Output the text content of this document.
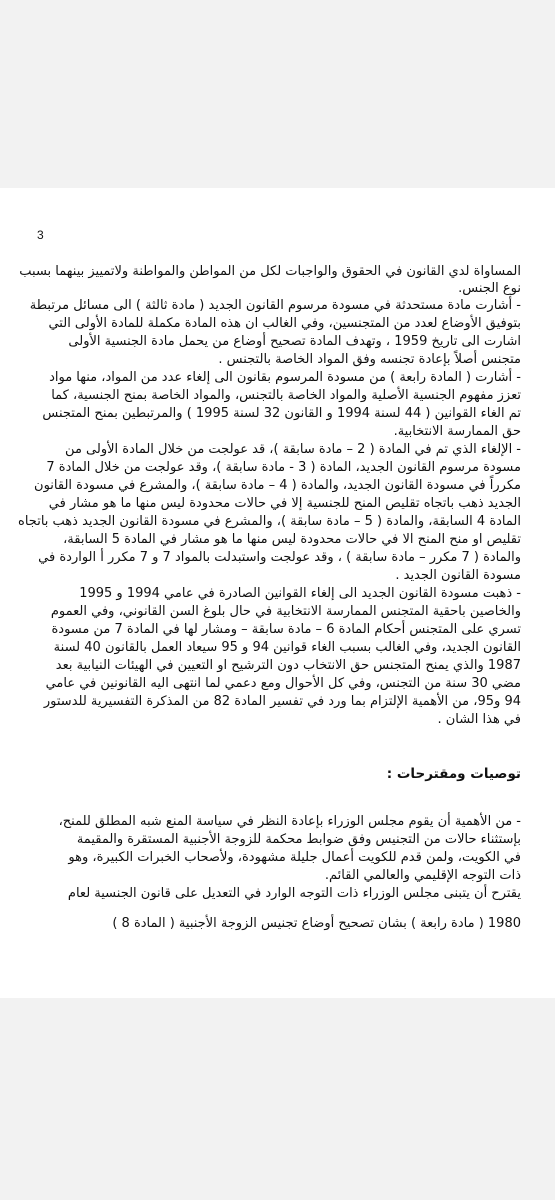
3
المساواة لدي القانون في الحقوق والواجبات لكل من المواطن والمواطنة ولاتمييز بينهما بسبب
نوع الجنس.
- أشارت مادة مستحدثة في مسودة مرسوم القانون الجديد ( مادة ثالثة ) الى مسائل مرتبطة
بتوفيق الأوضاع لعدد من المتجنسين، وفي الغالب ان هذه المادة مكملة للمادة الأولى التي
اشارت الى تاريخ 1959 ، وتهدف المادة تصحيح أوضاع من يحمل مادة الجنسية الأولى
متجنس أصلاً بإعادة تجنسه وفق المواد الخاصة بالتجنس .
- أشارت ( المادة رابعة ) من مسودة المرسوم بقانون الى إلغاء عدد من المواد، منها مواد
تعزز مفهوم الجنسية الأصلية والمواد الخاصة بالتجنس، والمواد الخاصة بمنح الجنسية، كما
تم الغاء القوانين ( 44 لسنة 1994 و القانون 32 لسنة 1995 ) والمرتبطين بمنح المتجنس
حق الممارسة الانتخابية.
- الإلغاء الذي تم في المادة ( 2 – مادة سابقة )، قد عولجت من خلال المادة الأولى من
مسودة مرسوم القانون الجديد، المادة ( 3 - مادة سابقة )، وقد عولجت من خلال المادة 7
مكرراً في مسودة القانون الجديد، والمادة ( 4 – مادة سابقة )، والمشرع في مسودة القانون
الجديد ذهب باتجاه تقليص المنح للجنسية إلا في حالات محدودة ليس منها ما هو مشار في
المادة 4 السابقة، والمادة ( 5 – مادة سابقة )، والمشرع في مسودة القانون الجديد ذهب باتجاه
تقليص او منح المنح الا في حالات محدودة ليس منها ما هو مشار في المادة 5 السابقة،
والمادة ( 7 مكرر – مادة سابقة ) ، وقد عولجت واستبدلت بالمواد 7 و 7 مكرر أ الواردة في
مسودة القانون الجديد .
- ذهبت مسودة القانون الجديد الى إلغاء القوانين الصادرة في عامي 1994 و 1995
والخاصين باحقية المتجنس الممارسة الانتخابية في حال بلوغ السن القانوني، وفي العموم
تسري على المتجنس أحكام المادة 6 – مادة سابقة – ومشار لها في المادة 7 من مسودة
القانون الجديد، وفي الغالب بسبب الغاء قوانين 94 و 95 سيعاد العمل بالقانون 40 لسنة
1987 والذي يمنح المتجنس حق الانتخاب دون الترشيح او التعيين في الهيئات النيابية بعد
مضي 30 سنة من التجنس، وفي كل الأحوال ومع دعمي لما انتهى اليه القانونين في عامي
94 و95، من الأهمية الإلتزام بما ورد في تفسير المادة 82 من المذكرة التفسيرية للدستور
في هذا الشان .
توصيات ومقترحات :
- من الأهمية أن يقوم مجلس الوزراء بإعادة النظر في سياسة المنع شبه المطلق للمنح،
بإستثناء حالات من التجنيس وفق ضوابط محكمة للزوجة الأجنبية المستقرة والمقيمة
في الكويت، ولمن قدم للكويت أعمال جليلة مشهودة، ولأصحاب الخبرات الكبيرة، وهو
ذات التوجه الإقليمي والعالمي القائم.
يقترح أن يتبنى مجلس الوزراء ذات التوجه الوارد في التعديل على قانون الجنسية لعام
1980 ( مادة رابعة ) بشان تصحيح أوضاع تجنيس الزوجة الأجنبية ( المادة 8 )
